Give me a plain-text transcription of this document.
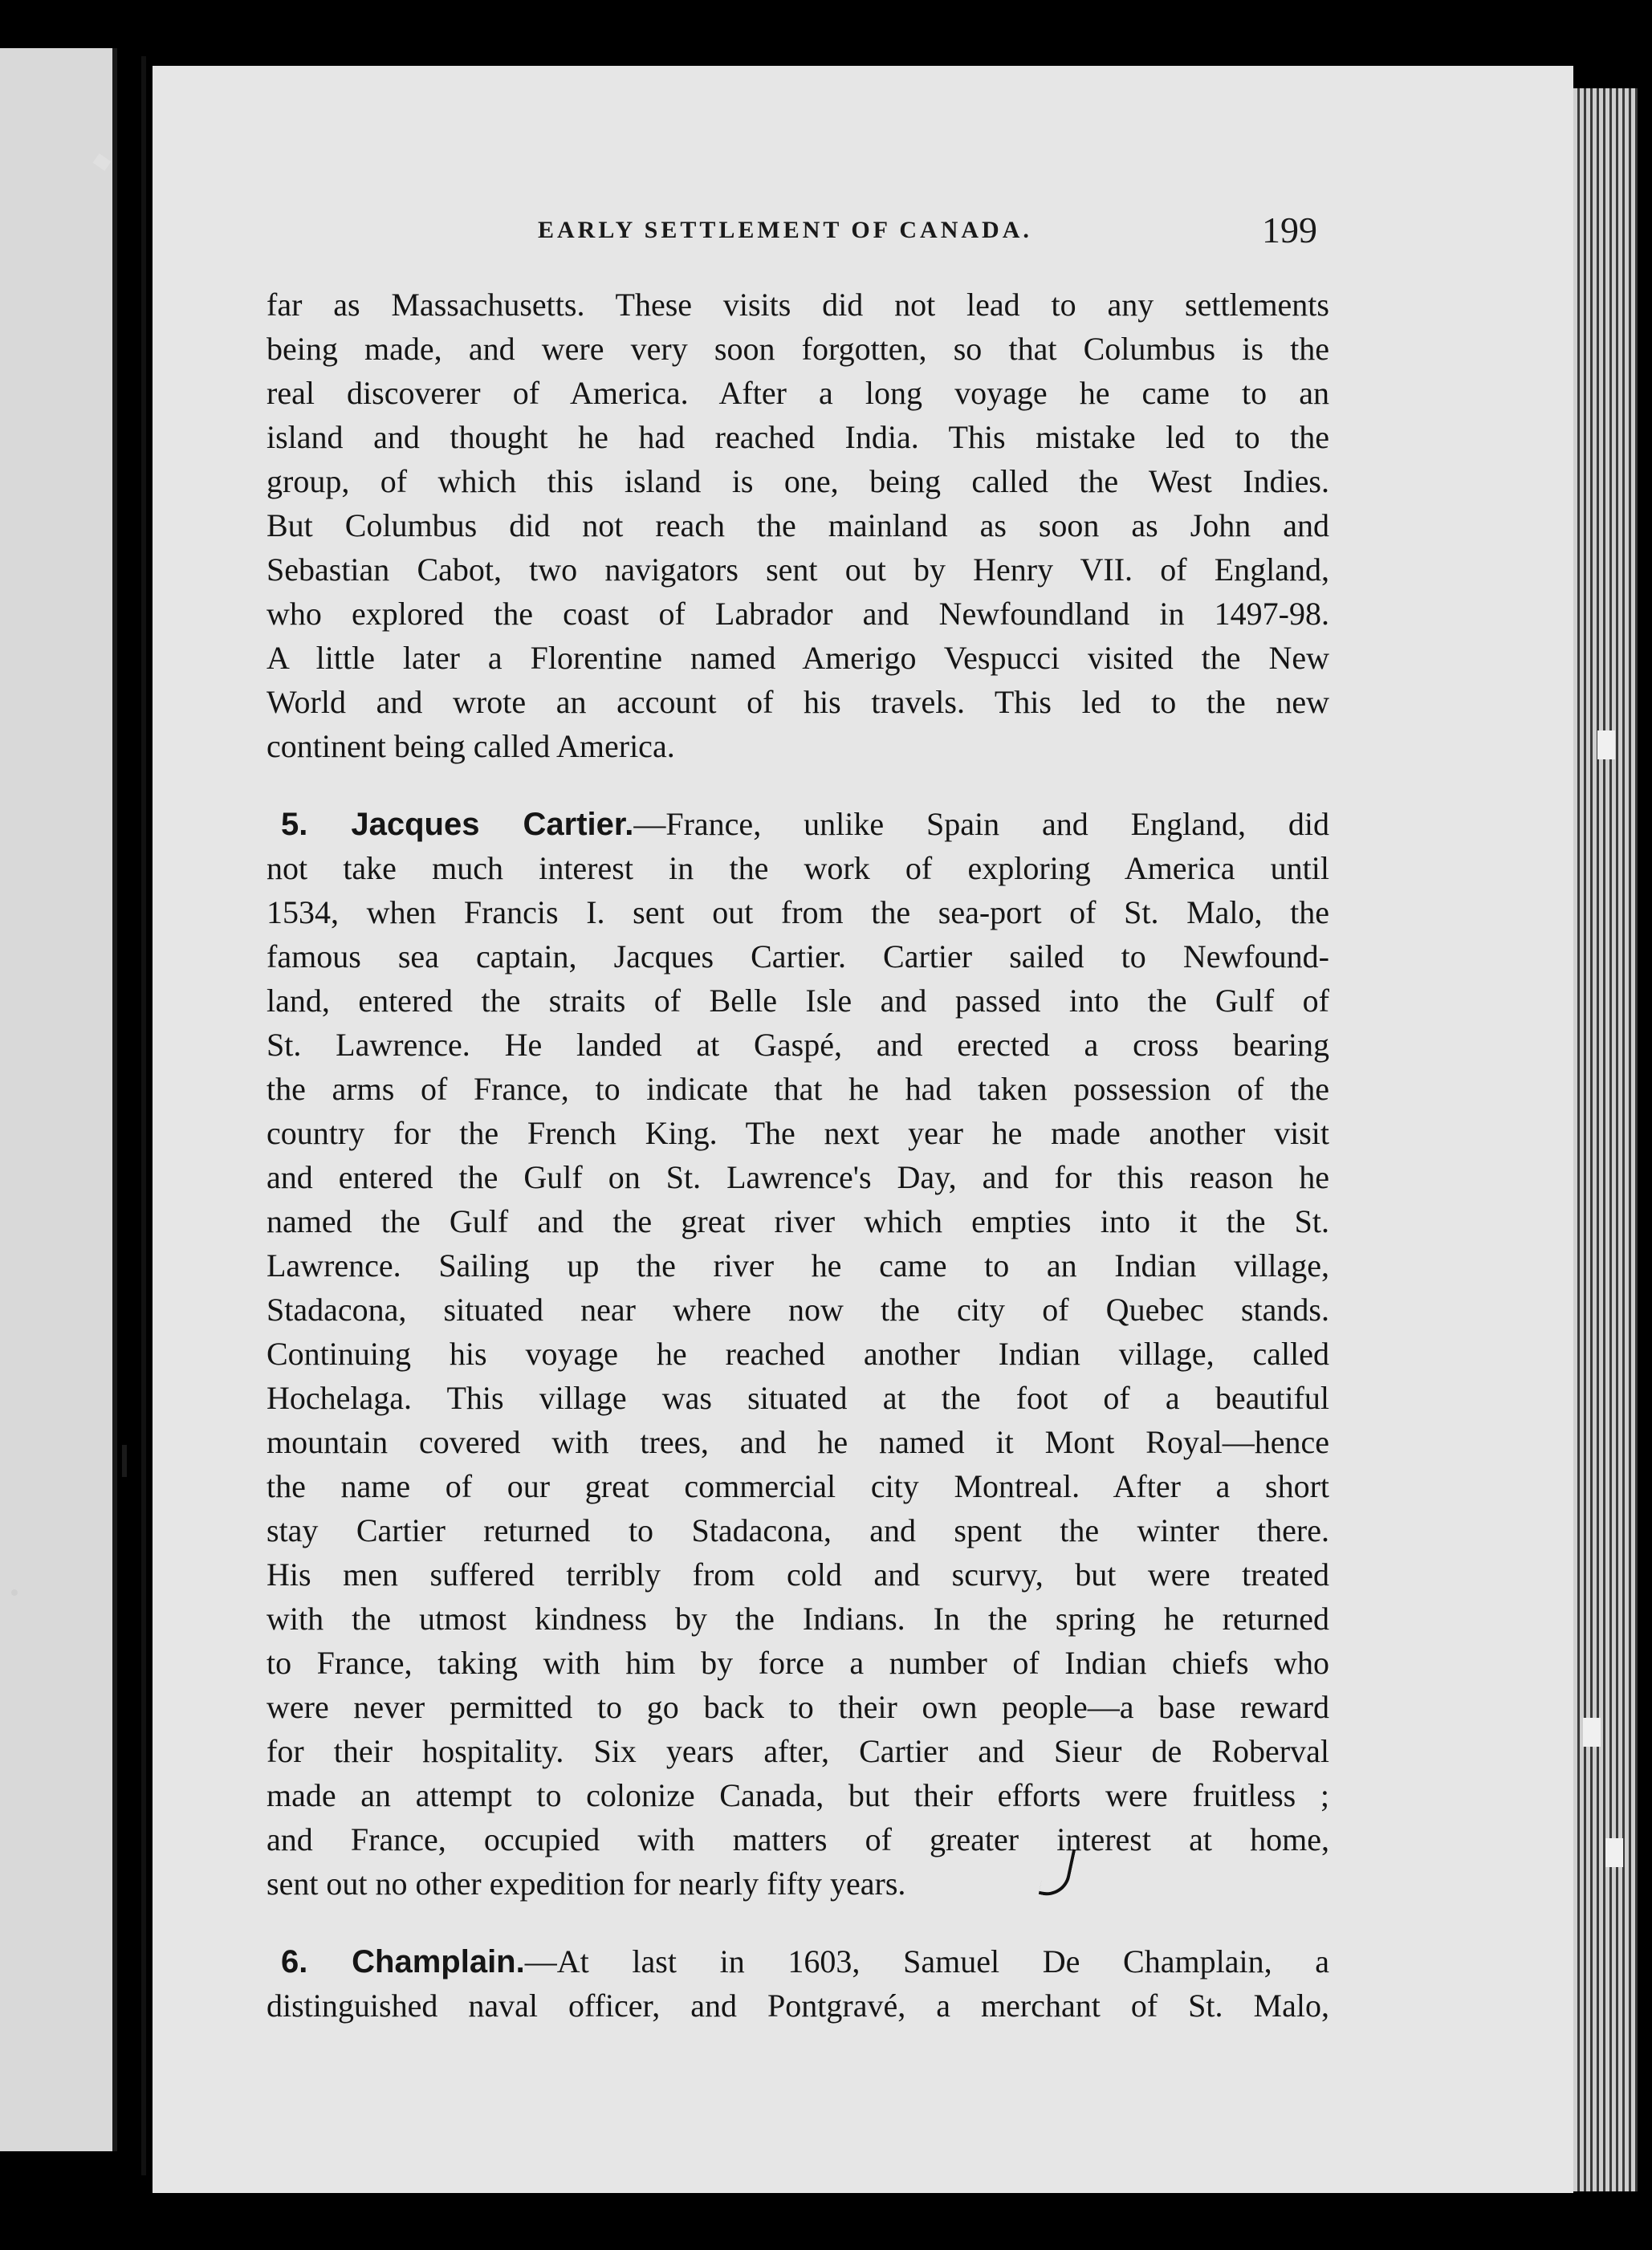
EARLY SETTLEMENT OF CANADA.	199
far as Massachusetts. These visits did not lead to any settlements
being made, and were very soon forgotten, so that Columbus is the
real discoverer of America. After a long voyage he came to an
island and thought he had reached India. This mistake led to the
group, of which this island is one, being called the West Indies.
But Columbus did not reach the mainland as soon as John and
Sebastian Cabot, two navigators sent out by Henry VII. of England,
who explored the coast of Labrador and Newfoundland in 1497-98.
A little later a Florentine named Amerigo Vespucci visited the New
World and wrote an account of his travels. This led to the new
continent being called America.
5. Jacques Cartier.—France, unlike Spain and England, did
not take much interest in the work of exploring America until
1534, when Francis I. sent out from the sea-port of St. Malo, the
famous sea captain, Jacques Cartier. Cartier sailed to Newfound-
land, entered the straits of Belle Isle and passed into the Gulf of
St. Lawrence. He landed at Gaspé, and erected a cross bearing
the arms of France, to indicate that he had taken possession of the
country for the French King. The next year he made another visit
and entered the Gulf on St. Lawrence's Day, and for this reason he
named the Gulf and the great river which empties into it the St.
Lawrence. Sailing up the river he came to an Indian village,
Stadacona, situated near where now the city of Quebec stands.
Continuing his voyage he reached another Indian village, called
Hochelaga. This village was situated at the foot of a beautiful
mountain covered with trees, and he named it Mont Royal—hence
the name of our great commercial city Montreal. After a short
stay Cartier returned to Stadacona, and spent the winter there.
His men suffered terribly from cold and scurvy, but were treated
with the utmost kindness by the Indians. In the spring he returned
to France, taking with him by force a number of Indian chiefs who
were never permitted to go back to their own people—a base reward
for their hospitality. Six years after, Cartier and Sieur de Roberval
made an attempt to colonize Canada, but their efforts were fruitless ;
and France, occupied with matters of greater interest at home,
sent out no other expedition for nearly fifty years.
6. Champlain.—At last in 1603, Samuel De Champlain, a
distinguished naval officer, and Pontgravé, a merchant of St. Malo,
